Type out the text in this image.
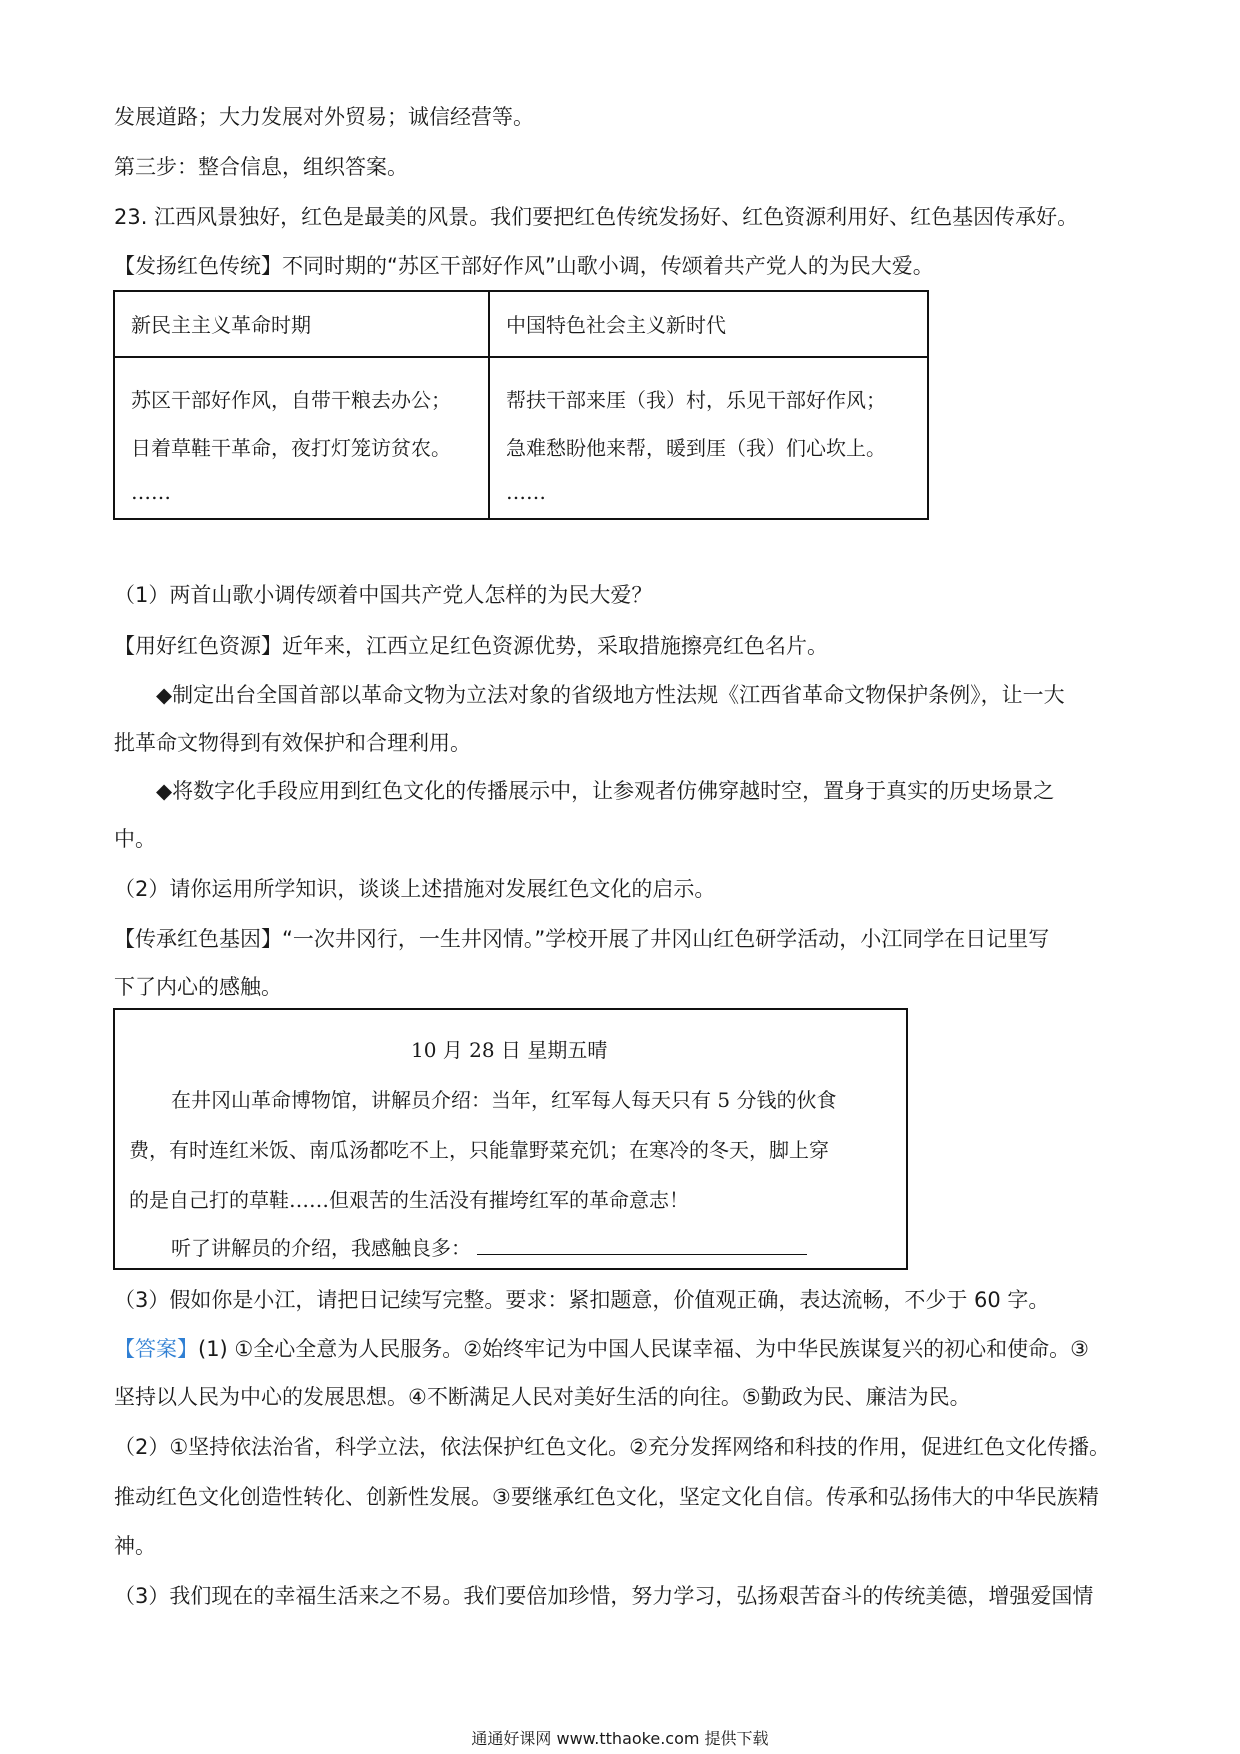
发展道路；大力发展对外贸易；诚信经营等。
第三步：整合信息，组织答案。
23. 江西风景独好，红色是最美的风景。我们要把红色传统发扬好、红色资源利用好、红色基因传承好。
【发扬红色传统】不同时期的“苏区干部好作风”山歌小调，传颂着共产党人的为民大爱。
新民主主义革命时期	中国特色社会主义新时代
苏区干部好作风，自带干粮去办公；
日着草鞋干革命，夜打灯笼访贫农。
……
帮扶干部来厓（我）村，乐见干部好作风；
急难愁盼他来帮，暖到厓（我）们心坎上。
……
（1）两首山歌小调传颂着中国共产党人怎样的为民大爱？
【用好红色资源】近年来，江西立足红色资源优势，采取措施擦亮红色名片。
◆制定出台全国首部以革命文物为立法对象的省级地方性法规《江西省革命文物保护条例》，让一大
批革命文物得到有效保护和合理利用。
◆将数字化手段应用到红色文化的传播展示中，让参观者仿佛穿越时空，置身于真实的历史场景之
中。
（2）请你运用所学知识，谈谈上述措施对发展红色文化的启示。
【传承红色基因】“一次井冈行，一生井冈情。”学校开展了井冈山红色研学活动，小江同学在日记里写
下了内心的感触。
10 月 28 日 星期五晴
在井冈山革命博物馆，讲解员介绍：当年，红军每人每天只有 5 分钱的伙食
费，有时连红米饭、南瓜汤都吃不上，只能靠野菜充饥；在寒冷的冬天，脚上穿
的是自己打的草鞋……但艰苦的生活没有摧垮红军的革命意志！
听了讲解员的介绍，我感触良多：
（3）假如你是小江，请把日记续写完整。要求：紧扣题意，价值观正确，表达流畅，不少于 60 字。
【答案】(1) ①全心全意为人民服务。②始终牢记为中国人民谋幸福、为中华民族谋复兴的初心和使命。③
坚持以人民为中心的发展思想。④不断满足人民对美好生活的向往。⑤勤政为民、廉洁为民。
（2）①坚持依法治省，科学立法，依法保护红色文化。②充分发挥网络和科技的作用，促进红色文化传播。
推动红色文化创造性转化、创新性发展。③要继承红色文化，坚定文化自信。传承和弘扬伟大的中华民族精
神。
（3）我们现在的幸福生活来之不易。我们要倍加珍惜，努力学习，弘扬艰苦奋斗的传统美德，增强爱国情
通通好课网 www.tthaoke.com 提供下载
